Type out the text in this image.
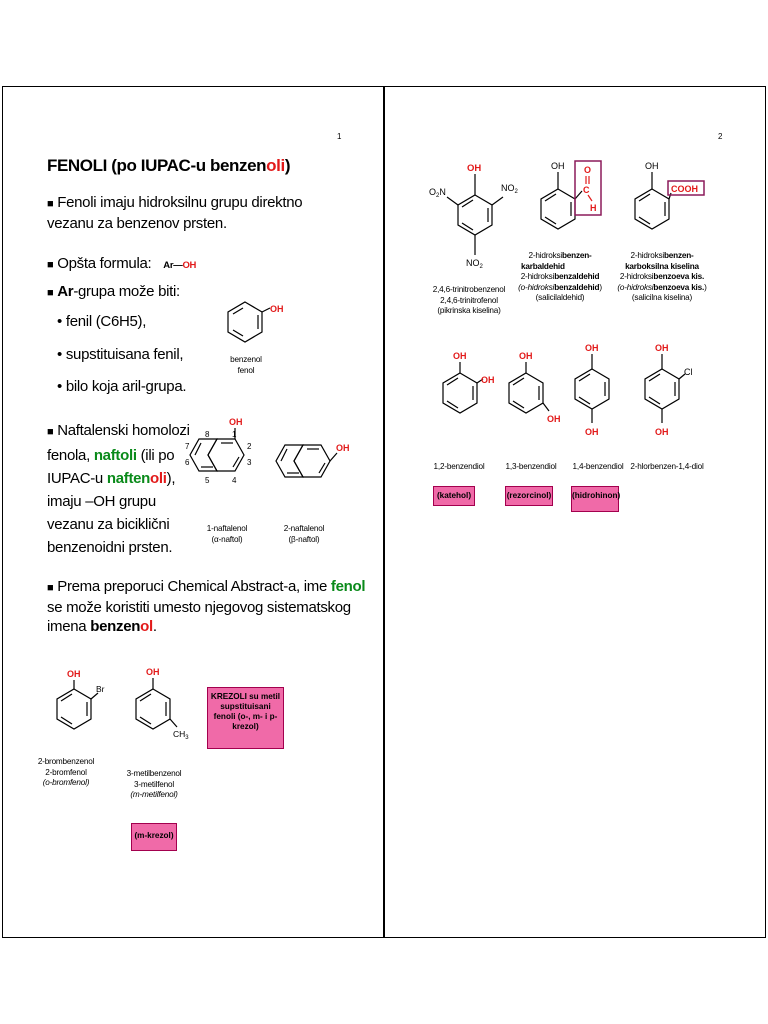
1
FENOLI (po IUPAC-u benzenoli)
■ Fenoli imaju hidroksilnu grupu direktno vezanu za benzenov prsten.
■ Opšta formula: Ar—OH
■ Ar-grupa može biti:
• fenil (C6H5),
• supstituisana fenil,
• bilo koja aril-grupa.
OH
benzenol
fenol
■ Naftalenski homolozi
fenola, naftoli (ili po
IUPAC-u naftenoli),
imaju –OH grupu
vezanu za biciklični
benzenoidni prsten.
OH
8	1
2
3
4
5
6
7
1-naftalenol
(α-naftol)
OH
2-naftalenol
(β-naftol)
■ Prema preporuci Chemical Abstract-a, ime fenol
se može koristiti umesto njegovog sistematskog
imena benzenol.
OH
Br
2-brombenzenol
2-bromfenol
(o-bromfenol)
OH
$CH_3$
3-metilbenzenol
3-metilfenol
(m-metilfenol)
KREZOLI su metil supstituisani fenoli (o-, m- i p-krezol)
(m-krezol)
2
OH
$O_2N$	$NO_2$
$NO_2$
2,4,6-trinitrobenzenol
2,4,6-trinitrofenol
(pikrinska kiselina)
OH O
C
H
2-hidroksibenzen-
karbaldehid
2-hidroksibenzaldehid
(o-hidroksibenzaldehid)
(salicilaldehid)
OH
COOH
2-hidroksibenzen-
karboksilna kiselina
2-hidroksibenzoeva kis.
(o-hidroksibenzoeva kis.)
(salicilna kiselina)
OH
OH
1,2-benzendiol
(katehol)
OH
OH
1,3-benzendiol
(rezorcinol)
OH
OH
1,4-benzendiol
(hidrohinon)
OH
Cl
OH
2-hlorbenzen-1,4-diol
